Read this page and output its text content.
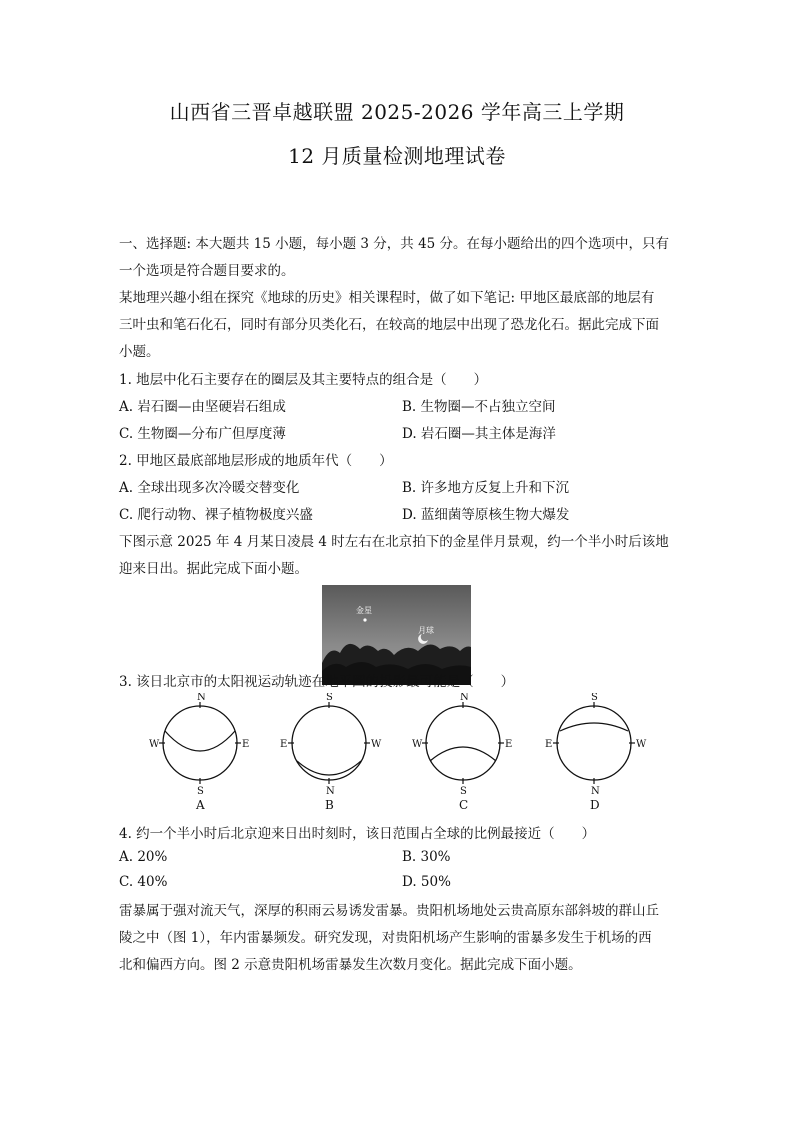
山西省三晋卓越联盟 2025-2026 学年高三上学期
12 月质量检测地理试卷
一、选择题: 本大题共 15 小题，每小题 3 分，共 45 分。在每小题给出的四个选项中，只有
一个选项是符合题目要求的。
某地理兴趣小组在探究《地球的历史》相关课程时，做了如下笔记: 甲地区最底部的地层有
三叶虫和笔石化石，同时有部分贝类化石，在较高的地层中出现了恐龙化石。据此完成下面
小题。
1. 地层中化石主要存在的圈层及其主要特点的组合是（　　）
A. 岩石圈—由坚硬岩石组成	B. 生物圈—不占独立空间
C. 生物圈—分布广但厚度薄	D. 岩石圈—其主体是海洋
2. 甲地区最底部地层形成的地质年代（　　）
A. 全球出现多次冷暖交替变化	B. 许多地方反复上升和下沉
C. 爬行动物、裸子植物极度兴盛	D. 蓝细菌等原核生物大爆发
下图示意 2025 年 4 月某日凌晨 4 时左右在北京拍下的金星伴月景观，约一个半小时后该地
迎来日出。据此完成下面小题。
金星
月球
3. 该日北京市的太阳视运动轨迹在地平圈的投影最可能是（　　）
N
S
W	E
A
S
N
E	W
B
N
S
W	E
C
S
N
E	W
D
4. 约一个半小时后北京迎来日出时刻时，该日范围占全球的比例最接近（　　）
A. 20%	B. 30%
C. 40%	D. 50%
雷暴属于强对流天气，深厚的积雨云易诱发雷暴。贵阳机场地处云贵高原东部斜坡的群山丘
陵之中（图 1），年内雷暴频发。研究发现，对贵阳机场产生影响的雷暴多发生于机场的西
北和偏西方向。图 2 示意贵阳机场雷暴发生次数月变化。据此完成下面小题。
